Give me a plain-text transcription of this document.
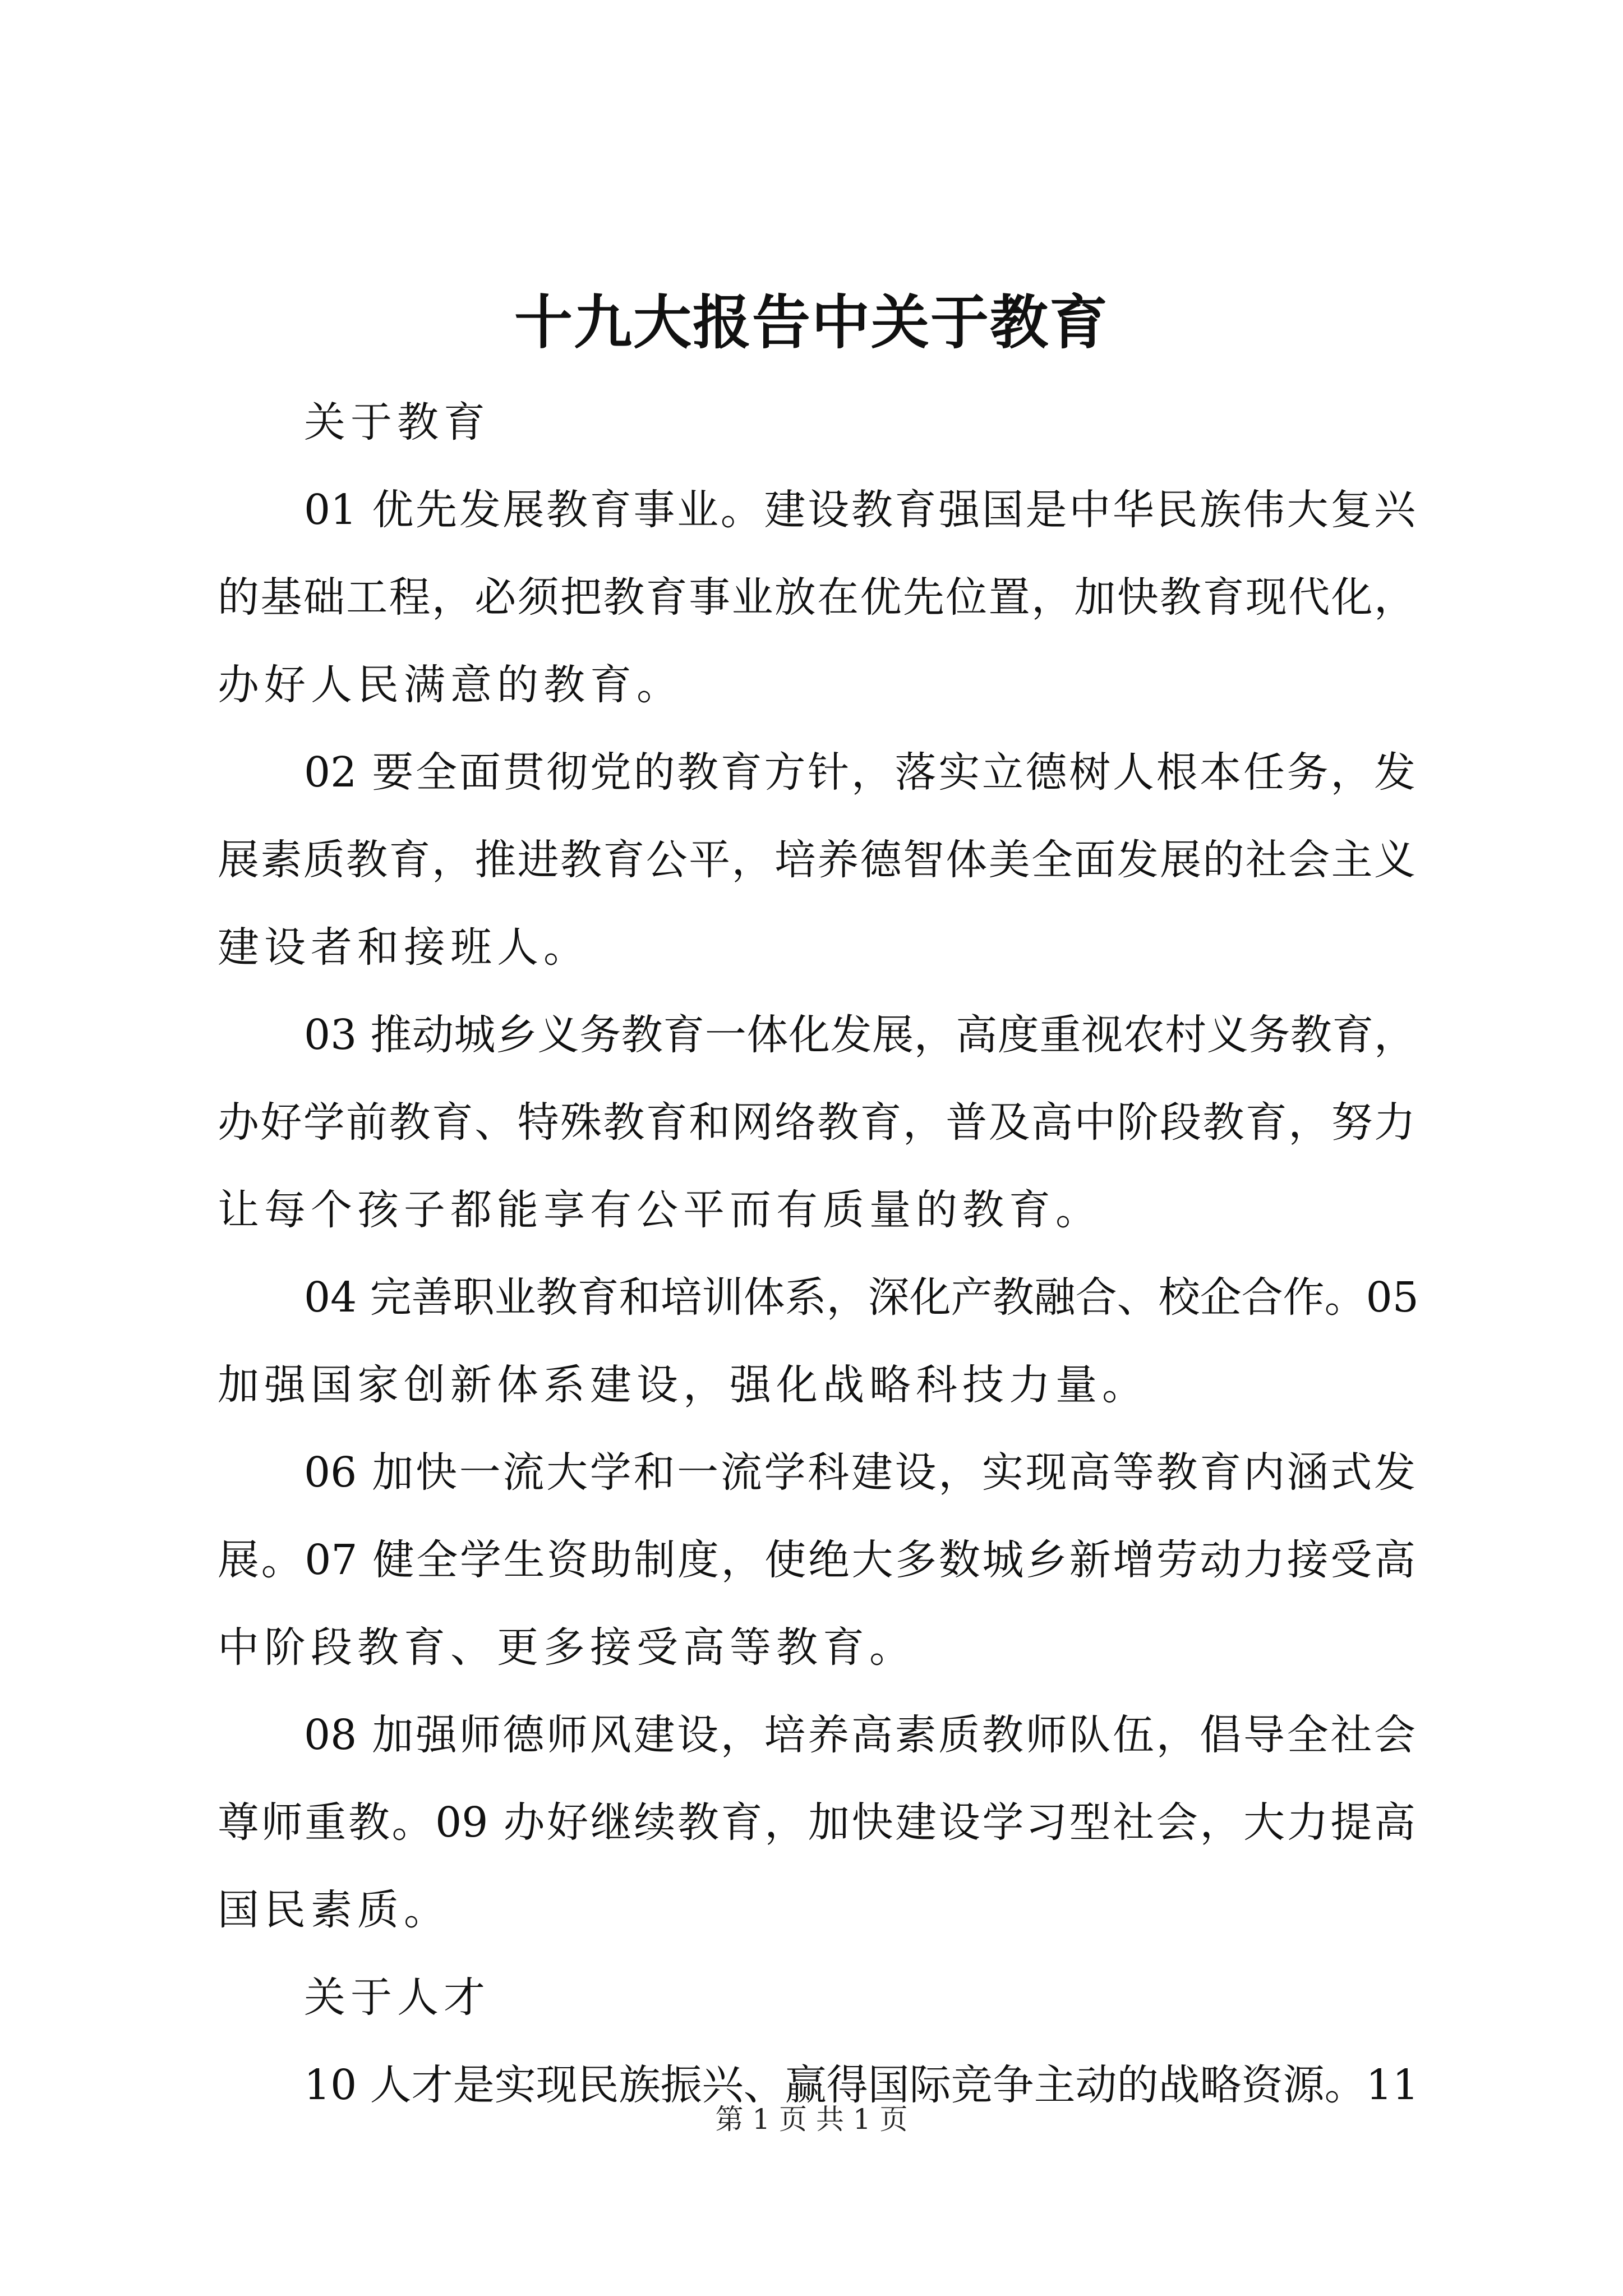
十九大报告中关于教育
关于教育
01 优先发展教育事业。建设教育强国是中华民族伟大复兴
的基础工程，必须把教育事业放在优先位置，加快教育现代化，
办好人民满意的教育。
02 要全面贯彻党的教育方针，落实立德树人根本任务，发
展素质教育，推进教育公平，培养德智体美全面发展的社会主义
建设者和接班人。
03 推动城乡义务教育一体化发展，高度重视农村义务教育，
办好学前教育、特殊教育和网络教育，普及高中阶段教育，努力
让每个孩子都能享有公平而有质量的教育。
04 完善职业教育和培训体系，深化产教融合、校企合作。05
加强国家创新体系建设，强化战略科技力量。
06 加快一流大学和一流学科建设，实现高等教育内涵式发
展。07 健全学生资助制度，使绝大多数城乡新增劳动力接受高
中阶段教育、更多接受高等教育。
08 加强师德师风建设，培养高素质教师队伍，倡导全社会
尊师重教。09 办好继续教育，加快建设学习型社会，大力提高
国民素质。
关于人才
10 人才是实现民族振兴、赢得国际竞争主动的战略资源。11
第 1 页 共 1 页
